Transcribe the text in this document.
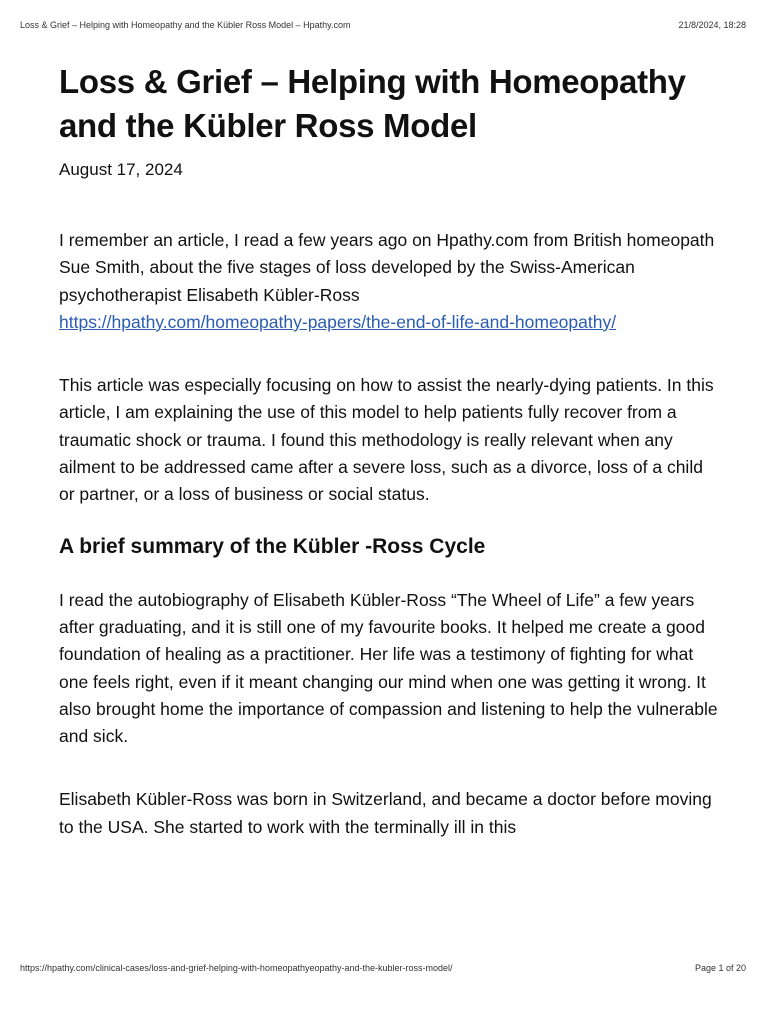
Loss & Grief – Helping with Homeopathy and the Kübler Ross Model – Hpathy.com	21/8/2024, 18:28
Loss & Grief – Helping with Homeopathy and the Kübler Ross Model
August 17, 2024

I remember an article, I read a few years ago on Hpathy.com from British homeopath Sue Smith, about the five stages of loss developed by the Swiss-American psychotherapist Elisabeth Kübler-Ross
https://hpathy.com/homeopathy-papers/the-end-of-life-and-homeopathy/

This article was especially focusing on how to assist the nearly-dying patients. In this article, I am explaining the use of this model to help patients fully recover from a traumatic shock or trauma. I found this methodology is really relevant when any ailment to be addressed came after a severe loss, such as a divorce, loss of a child or partner, or a loss of business or social status.

A brief summary of the Kübler -Ross Cycle

I read the autobiography of Elisabeth Kübler-Ross “The Wheel of Life” a few years after graduating, and it is still one of my favourite books. It helped me create a good foundation of healing as a practitioner. Her life was a testimony of fighting for what one feels right, even if it meant changing our mind when one was getting it wrong. It also brought home the importance of compassion and listening to help the vulnerable and sick.

Elisabeth Kübler-Ross was born in Switzerland, and became a doctor before moving to the USA. She started to work with the terminally ill in this

https://hpathy.com/clinical-cases/loss-and-grief-helping-with-homeopathyeopathy-and-the-kubler-ross-model/	Page 1 of 20
